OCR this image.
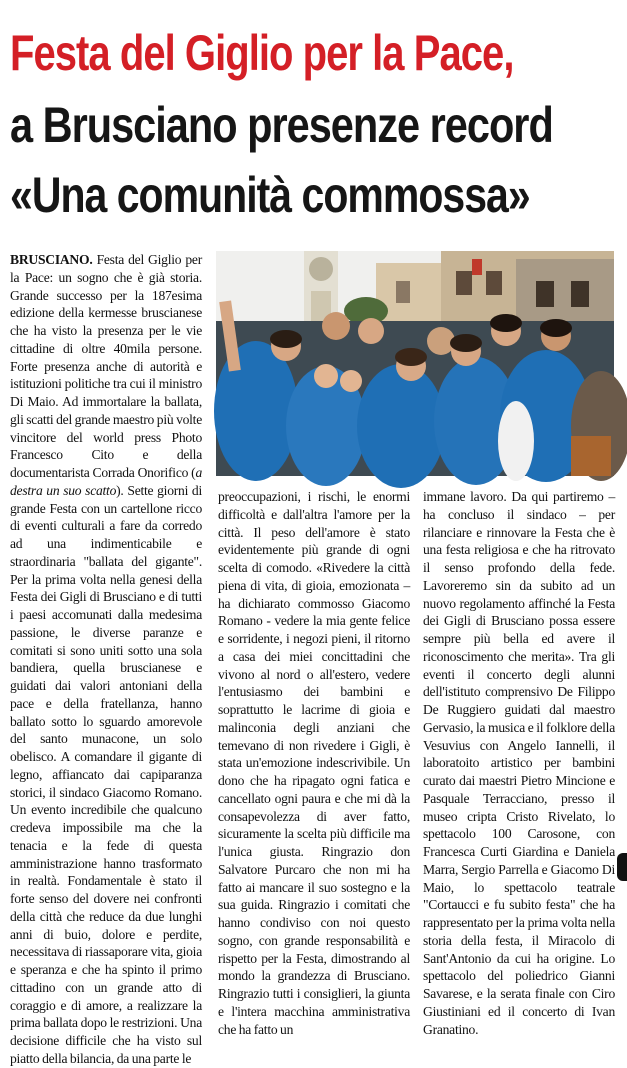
Festa del Giglio per la Pace,
a Brusciano presenze record
«Una comunità commossa»
BRUSCIANO. Festa del Giglio per la Pace: un sogno che è già storia. Grande successo per la 187esima edizione della kermesse bruscianese che ha visto la presenza per le vie cittadine di oltre 40mila persone. Forte presenza anche di autorità e istituzioni politiche tra cui il ministro Di Maio. Ad immortalare la ballata, gli scatti del grande maestro più volte vincitore del world press Photo Francesco Cito e della documentarista Corrada Onorifico (a destra un suo scatto). Sette giorni di grande Festa con un cartellone ricco di eventi culturali a fare da corredo ad una indimenticabile e straordinaria "ballata del gigante". Per la prima volta nella genesi della Festa dei Gigli di Brusciano e di tutti i paesi accomunati dalla medesima passione, le diverse paranze e comitati si sono uniti sotto una sola bandiera, quella bruscianese e guidati dai valori antoniani della pace e della fratellanza, hanno ballato sotto lo sguardo amorevole del santo munacone, un solo obelisco. A comandare il gigante di legno, affiancato dai capiparanza storici, il sindaco Giacomo Romano. Un evento incredibile che qualcuno credeva impossibile ma che la tenacia e la fede di questa amministrazione hanno trasformato in realtà. Fondamentale è stato il forte senso del dovere nei confronti della città che reduce da due lunghi anni di buio, dolore e perdite, necessitava di riassaporare vita, gioia e speranza e che ha spinto il primo cittadino con un grande atto di coraggio e di amore, a realizzare la prima ballata dopo le restrizioni. Una decisione difficile che ha visto sul piatto della bilancia, da una parte le
preoccupazioni, i rischi, le enormi difficoltà e dall'altra l'amore per la città. Il peso dell'amore è stato evidentemente più grande di ogni scelta di comodo. «Rivedere la città piena di vita, di gioia, emozionata – ha dichiarato commosso Giacomo Romano - vedere la mia gente felice e sorridente, i negozi pieni, il ritorno a casa dei miei concittadini che vivono al nord o all'estero, vedere l'entusiasmo dei bambini e soprattutto le lacrime di gioia e malinconia degli anziani che temevano di non rivedere i Gigli, è stata un'emozione indescrivibile. Un dono che ha ripagato ogni fatica e cancellato ogni paura e che mi dà la consapevolezza di aver fatto, sicuramente la scelta più difficile ma l'unica giusta. Ringrazio don Salvatore Purcaro che non mi ha fatto ai mancare il suo sostegno e la sua guida. Ringrazio i comitati che hanno condiviso con noi questo sogno, con grande responsabilità e rispetto per la Festa, dimostrando al mondo la grandezza di Brusciano. Ringrazio tutti i consiglieri, la giunta e l'intera macchina amministrativa che ha fatto un
immane lavoro. Da qui partiremo – ha concluso il sindaco – per rilanciare e rinnovare la Festa che è una festa religiosa e che ha ritrovato il senso profondo della fede. Lavoreremo sin da subito ad un nuovo regolamento affinché la Festa dei Gigli di Brusciano possa essere sempre più bella ed avere il riconoscimento che merita». Tra gli eventi il concerto degli alunni dell'istituto comprensivo De Filippo De Ruggiero guidati dal maestro Gervasio, la musica e il folklore della Vesuvius con Angelo Iannelli, il laboratoito artistico per bambini curato dai maestri Pietro Mincione e Pasquale Terracciano, presso il museo cripta Cristo Rivelato, lo spettacolo 100 Carosone, con Francesca Curti Giardina e Daniela Marra, Sergio Parrella e Giacomo Di Maio, lo spettacolo teatrale "Cortaucci e fu subito festa" che ha rappresentato per la prima volta nella storia della festa, il Miracolo di Sant'Antonio da cui ha origine. Lo spettacolo del poliedrico Gianni Savarese, e la serata finale con Ciro Giustiniani ed il concerto di Ivan Granatino.
